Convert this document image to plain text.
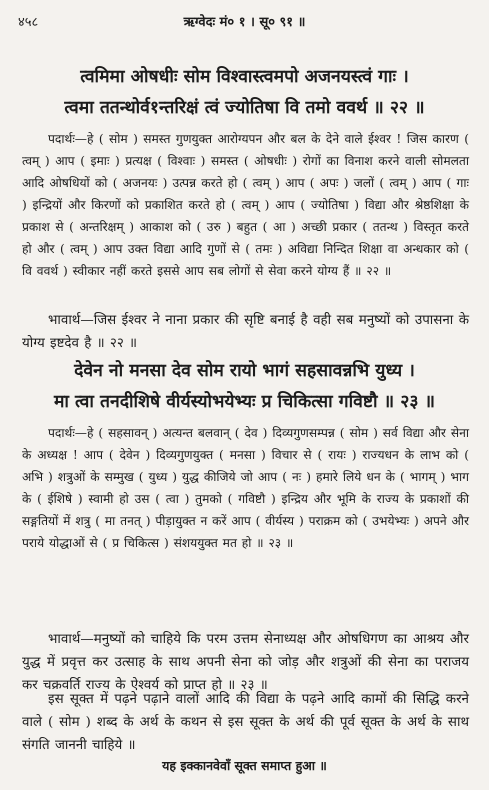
४५८	ऋग्वेदः मं० १ । सू० ९१ ॥
त्वमिमा ओषधीः सोम विश्वास्त्वमपो अजनयस्त्वं गाः ।
त्वमा ततन्थोर्व१न्तरिक्षं त्वं ज्योतिषा वि तमो ववर्थ ॥ २२ ॥
पदार्थः—हे ( सोम ) समस्त गुणयुक्त आरोग्यपन और बल के देने वाले ईश्वर ! जिस कारण ( त्वम् ) आप ( इमाः ) प्रत्यक्ष ( विश्वाः ) समस्त ( ओषधीः ) रोगों का विनाश करने वाली सोमलता आदि ओषधियों को ( अजनयः ) उत्पन्न करते हो ( त्वम् ) आप ( अपः ) जलों ( त्वम् ) आप ( गाः ) इन्द्रियों और किरणों को प्रकाशित करते हो ( त्वम् ) आप ( ज्योतिषा ) विद्या और श्रेष्ठशिक्षा के प्रकाश से ( अन्तरिक्षम् ) आकाश को ( उरु ) बहुत ( आ ) अच्छी प्रकार ( ततन्थ ) विस्तृत करते हो और ( त्वम् ) आप उक्त विद्या आदि गुणों से ( तमः ) अविद्या निन्दित शिक्षा वा अन्धकार को ( वि ववर्थ ) स्वीकार नहीं करते इससे आप सब लोगों से सेवा करने योग्य हैं ॥ २२ ॥
भावार्थ—जिस ईश्वर ने नाना प्रकार की सृष्टि बनाई है वही सब मनुष्यों को उपासना के योग्य इष्टदेव है ॥ २२ ॥
देवेन नो मनसा देव सोम रायो भागं सहसावन्नभि युध्य ।
मा त्वा तनदीशिषे वीर्यस्योभयेभ्यः प्र चिकित्सा गविष्टौ ॥ २३ ॥
पदार्थः—हे ( सहसावन् ) अत्यन्त बलवान् ( देव ) दिव्यगुणसम्पन्न ( सोम ) सर्व विद्या और सेना के अध्यक्ष ! आप ( देवेन ) दिव्यगुणयुक्त ( मनसा ) विचार से ( रायः ) राज्यधन के लाभ को ( अभि ) शत्रुओं के सम्मुख ( युध्य ) युद्ध कीजिये जो आप ( नः ) हमारे लिये धन के ( भागम् ) भाग के ( ईशिषे ) स्वामी हो उस ( त्वा ) तुमको ( गविष्टौ ) इन्द्रिय और भूमि के राज्य के प्रकाशों की सङ्गतियों में शत्रु ( मा तनत् ) पीड़ायुक्त न करें आप ( वीर्यस्य ) पराक्रम को ( उभयेभ्यः ) अपने और पराये योद्धाओं से ( प्र चिकित्स ) संशययुक्त मत हो ॥ २३ ॥
भावार्थ—मनुष्यों को चाहिये कि परम उत्तम सेनाध्यक्ष और ओषधिगण का आश्रय और युद्ध में प्रवृत्त कर उत्साह के साथ अपनी सेना को जोड़ और शत्रुओं की सेना का पराजय कर चक्रवर्ति राज्य के ऐश्वर्य को प्राप्त हो ॥ २३ ॥
इस सूक्त में पढ़ने पढ़ाने वालों आदि की विद्या के पढ़ने आदि कामों की सिद्धि करने वाले ( सोम ) शब्द के अर्थ के कथन से इस सूक्त के अर्थ की पूर्व सूक्त के अर्थ के साथ संगति जाननी चाहिये ॥
यह इक्कानवेवाँ सूक्त समाप्त हुआ ॥
